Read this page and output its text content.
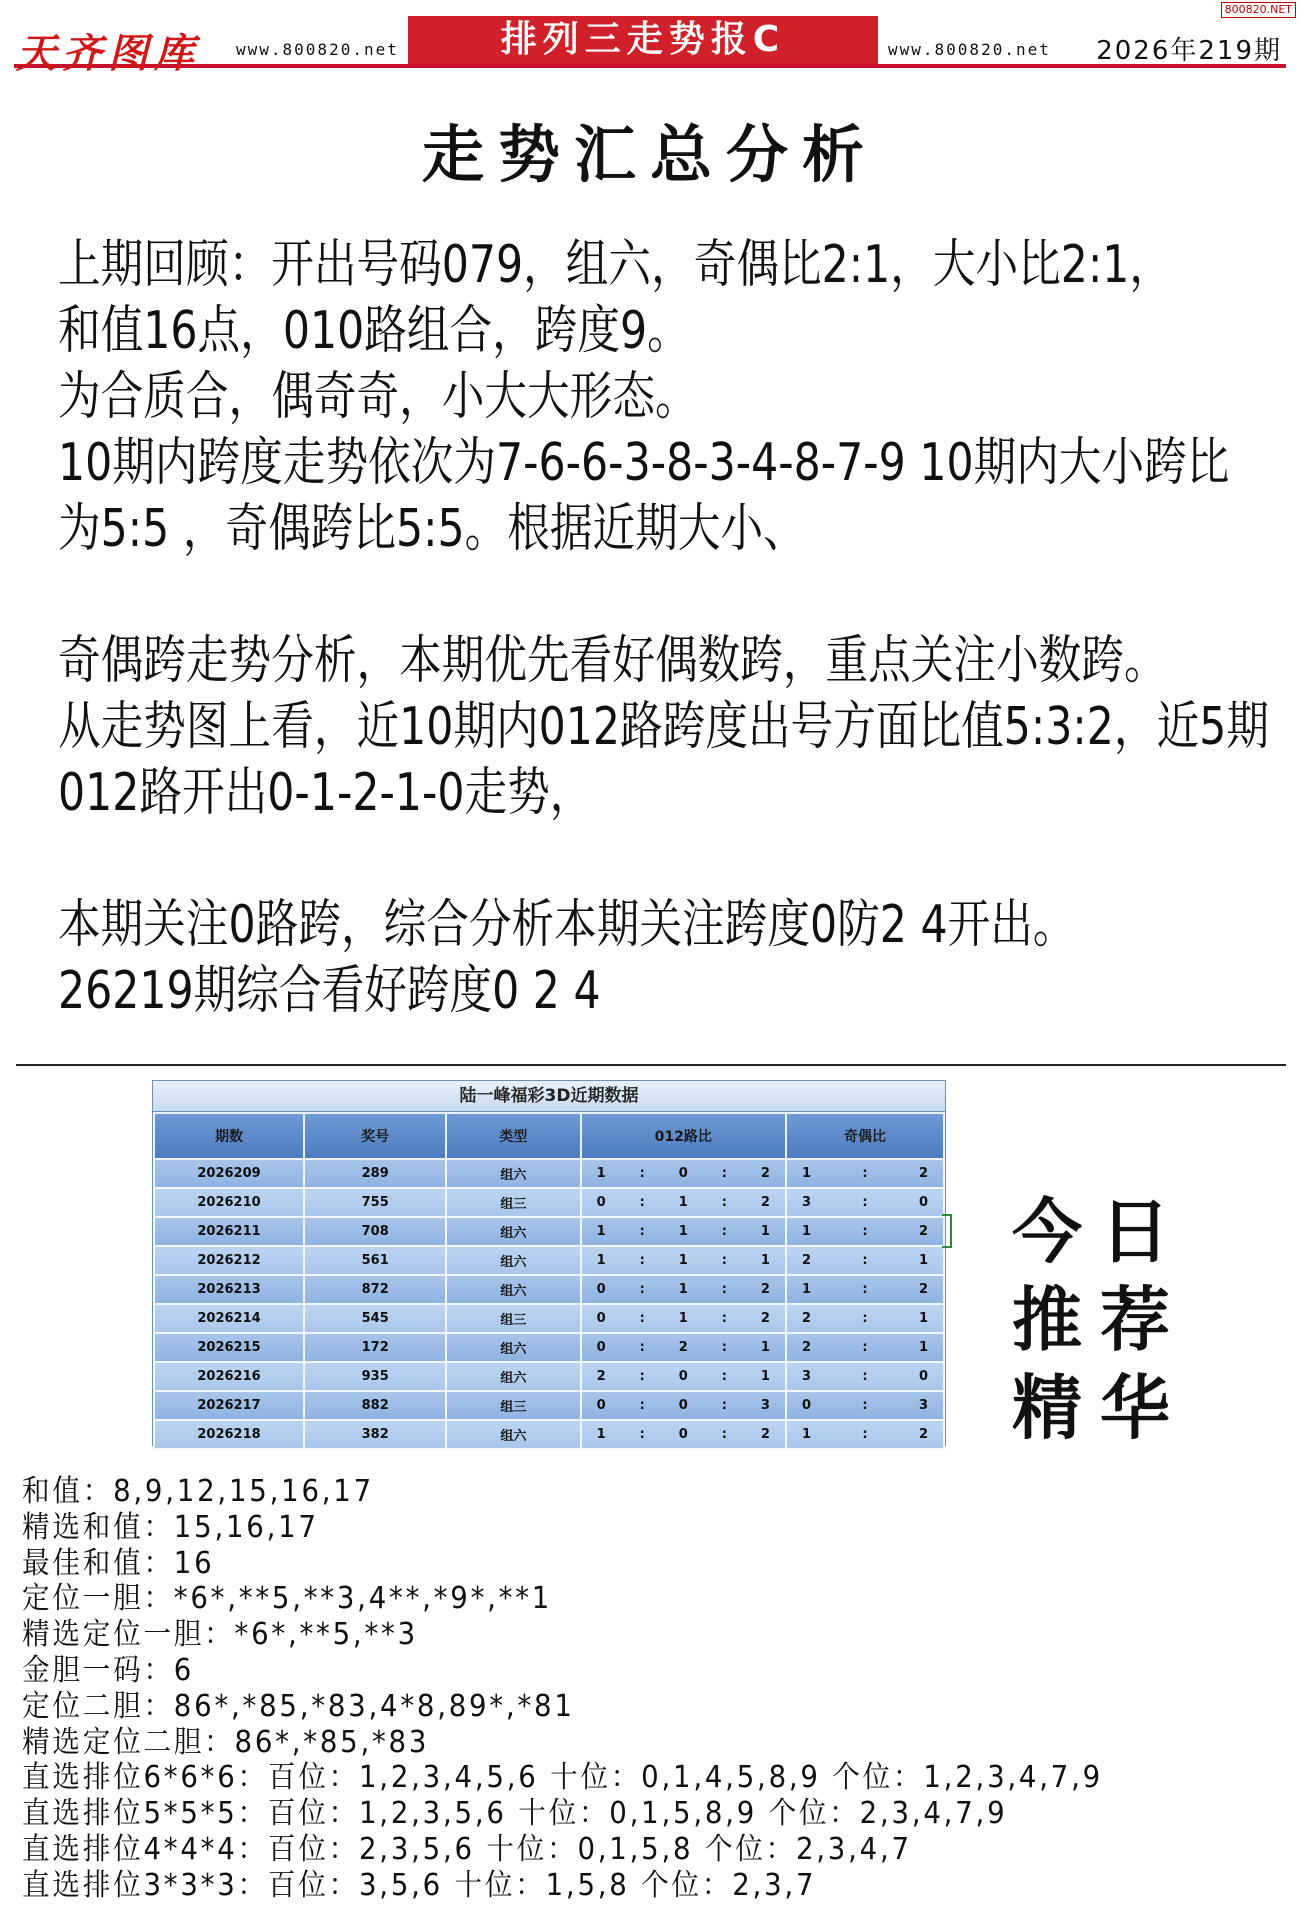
800820.NET
天齐图库 www.800820.net	排列三走势报C	www.800820.net 2026年219期
走势汇总分析
上期回顾：开出号码079，组六，奇偶比2:1，大小比2:1，
和值16点，010路组合，跨度9。
为合质合，偶奇奇，小大大形态。
10期内跨度走势依次为7-6-6-3-8-3-4-8-7-9 10期内大小跨比
为5:5 ，奇偶跨比5:5。根据近期大小、
奇偶跨走势分析，本期优先看好偶数跨，重点关注小数跨。
从走势图上看，近10期内012路跨度出号方面比值5:3:2，近5期
012路开出0-1-2-1-0走势，
本期关注0路跨，综合分析本期关注跨度0防2 4开出。
26219期综合看好跨度0 2 4
陆一峰福彩3D近期数据
期数	奖号	类型	012路比	奇偶比
2026209	289	组六	1 : 0 : 2	1 : 2

2026210	755	组三	0 : 1 : 2	3 : 0

2026211	708	组六	1 : 1 : 1	1 : 2

2026212	561	组六	1 : 1 : 1	2 : 1

2026213	872	组六	0 : 1 : 2	1 : 2

2026214	545	组三	0 : 1 : 2	2 : 1

2026215	172	组六	0 : 2 : 1	2 : 1

2026216	935	组六	2 : 0 : 1	3 : 0

2026217	882	组三	0 : 0 : 3	0 : 3

2026218	382	组六	1 : 0 : 2	1 : 2
今日
推荐
精华
和值：8,9,12,15,16,17
精选和值：15,16,17
最佳和值：16
定位一胆：*6*,**5,**3,4**,*9*,**1
精选定位一胆：*6*,**5,**3
金胆一码：6
定位二胆：86*,*85,*83,4*8,89*,*81
精选定位二胆：86*,*85,*83
直选排位6*6*6：百位：1,2,3,4,5,6 十位：0,1,4,5,8,9 个位：1,2,3,4,7,9
直选排位5*5*5：百位：1,2,3,5,6 十位：0,1,5,8,9 个位：2,3,4,7,9
直选排位4*4*4：百位：2,3,5,6 十位：0,1,5,8 个位：2,3,4,7
直选排位3*3*3：百位：3,5,6 十位：1,5,8 个位：2,3,7
